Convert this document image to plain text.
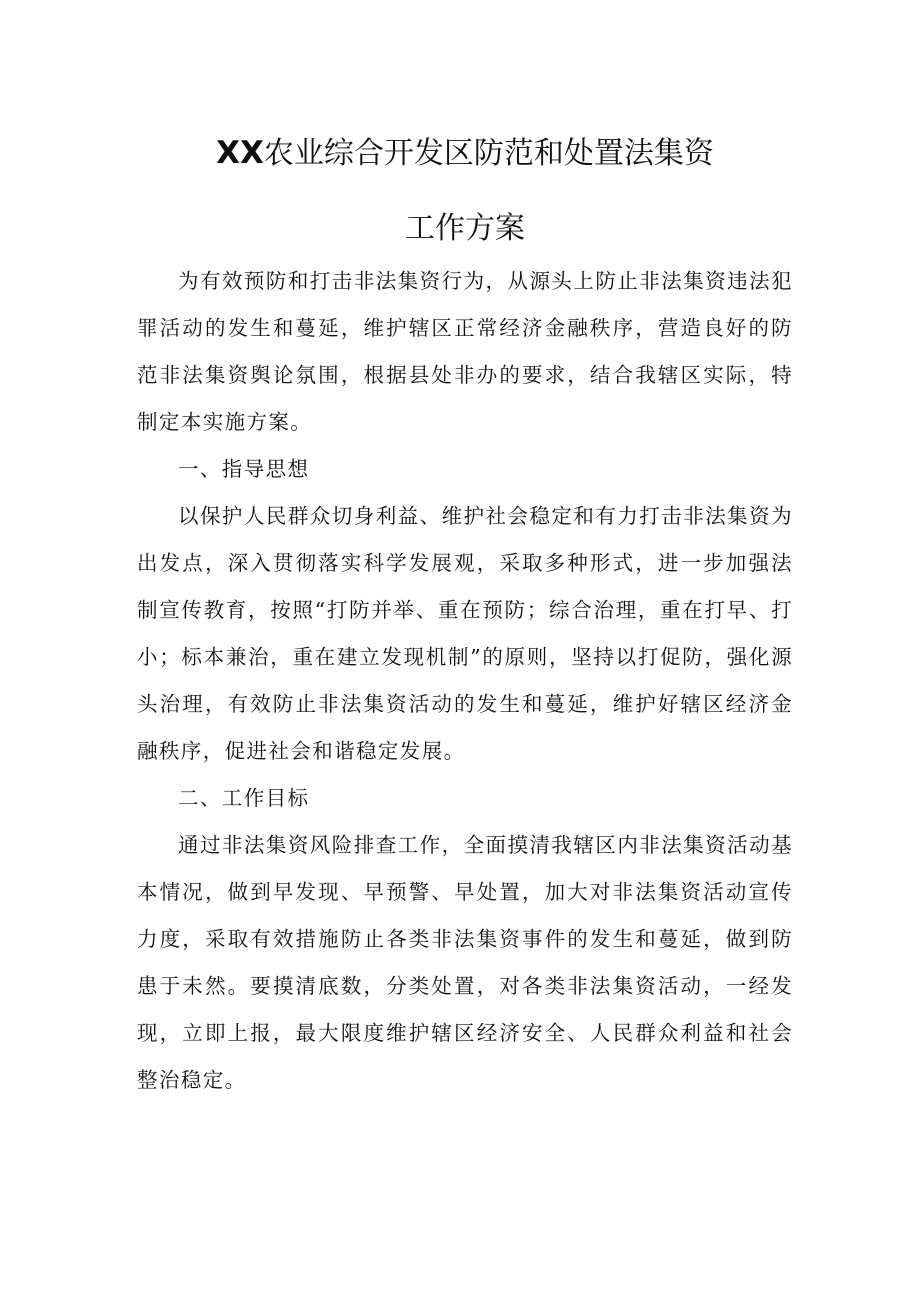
XX农业综合开发区防范和处置法集资
工作方案

为有效预防和打击非法集资行为，从源头上防止非法集资违法犯罪活动的发生和蔓延，维护辖区正常经济金融秩序，营造良好的防范非法集资舆论氛围，根据县处非办的要求，结合我辖区实际，特制定本实施方案。

一、指导思想

以保护人民群众切身利益、维护社会稳定和有力打击非法集资为出发点，深入贯彻落实科学发展观，采取多种形式，进一步加强法制宣传教育，按照“打防并举、重在预防；综合治理，重在打早、打小；标本兼治，重在建立发现机制”的原则，坚持以打促防，强化源头治理，有效防止非法集资活动的发生和蔓延，维护好辖区经济金融秩序，促进社会和谐稳定发展。

二、工作目标

通过非法集资风险排查工作，全面摸清我辖区内非法集资活动基本情况，做到早发现、早预警、早处置，加大对非法集资活动宣传力度，采取有效措施防止各类非法集资事件的发生和蔓延，做到防患于未然。要摸清底数，分类处置，对各类非法集资活动，一经发现，立即上报，最大限度维护辖区经济安全、人民群众利益和社会整治稳定。
